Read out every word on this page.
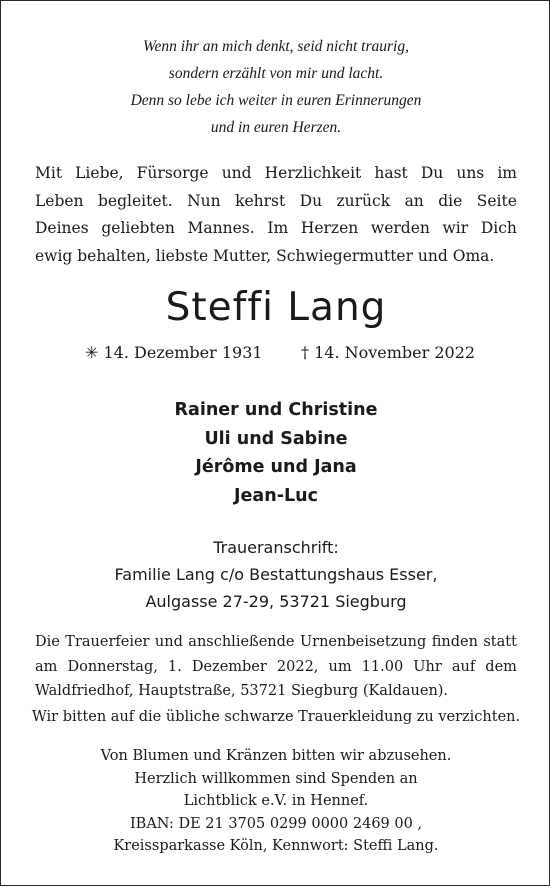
Wenn ihr an mich denkt, seid nicht traurig,
sondern erzählt von mir und lacht.
Denn so lebe ich weiter in euren Erinnerungen
und in euren Herzen.
Mit Liebe, Fürsorge und Herzlichkeit hast Du uns im
Leben begleitet. Nun kehrst Du zurück an die Seite
Deines geliebten Mannes. Im Herzen werden wir Dich
ewig behalten, liebste Mutter, Schwiegermutter und Oma.
Steffi Lang
✳ 14. Dezember 1931 † 14. November 2022
Rainer und Christine
Uli und Sabine
Jérôme und Jana
Jean-Luc
Traueranschrift:
Familie Lang c/o Bestattungshaus Esser,
Aulgasse 27-29, 53721 Siegburg
Die Trauerfeier und anschließende Urnenbeisetzung finden statt
am Donnerstag, 1. Dezember 2022, um 11.00 Uhr auf dem
Waldfriedhof, Hauptstraße, 53721 Siegburg (Kaldauen).
Wir bitten auf die übliche schwarze Trauerkleidung zu verzichten.
Von Blumen und Kränzen bitten wir abzusehen.
Herzlich willkommen sind Spenden an
Lichtblick e.V. in Hennef.
IBAN: DE 21 3705 0299 0000 2469 00 ,
Kreissparkasse Köln, Kennwort: Steffi Lang.
